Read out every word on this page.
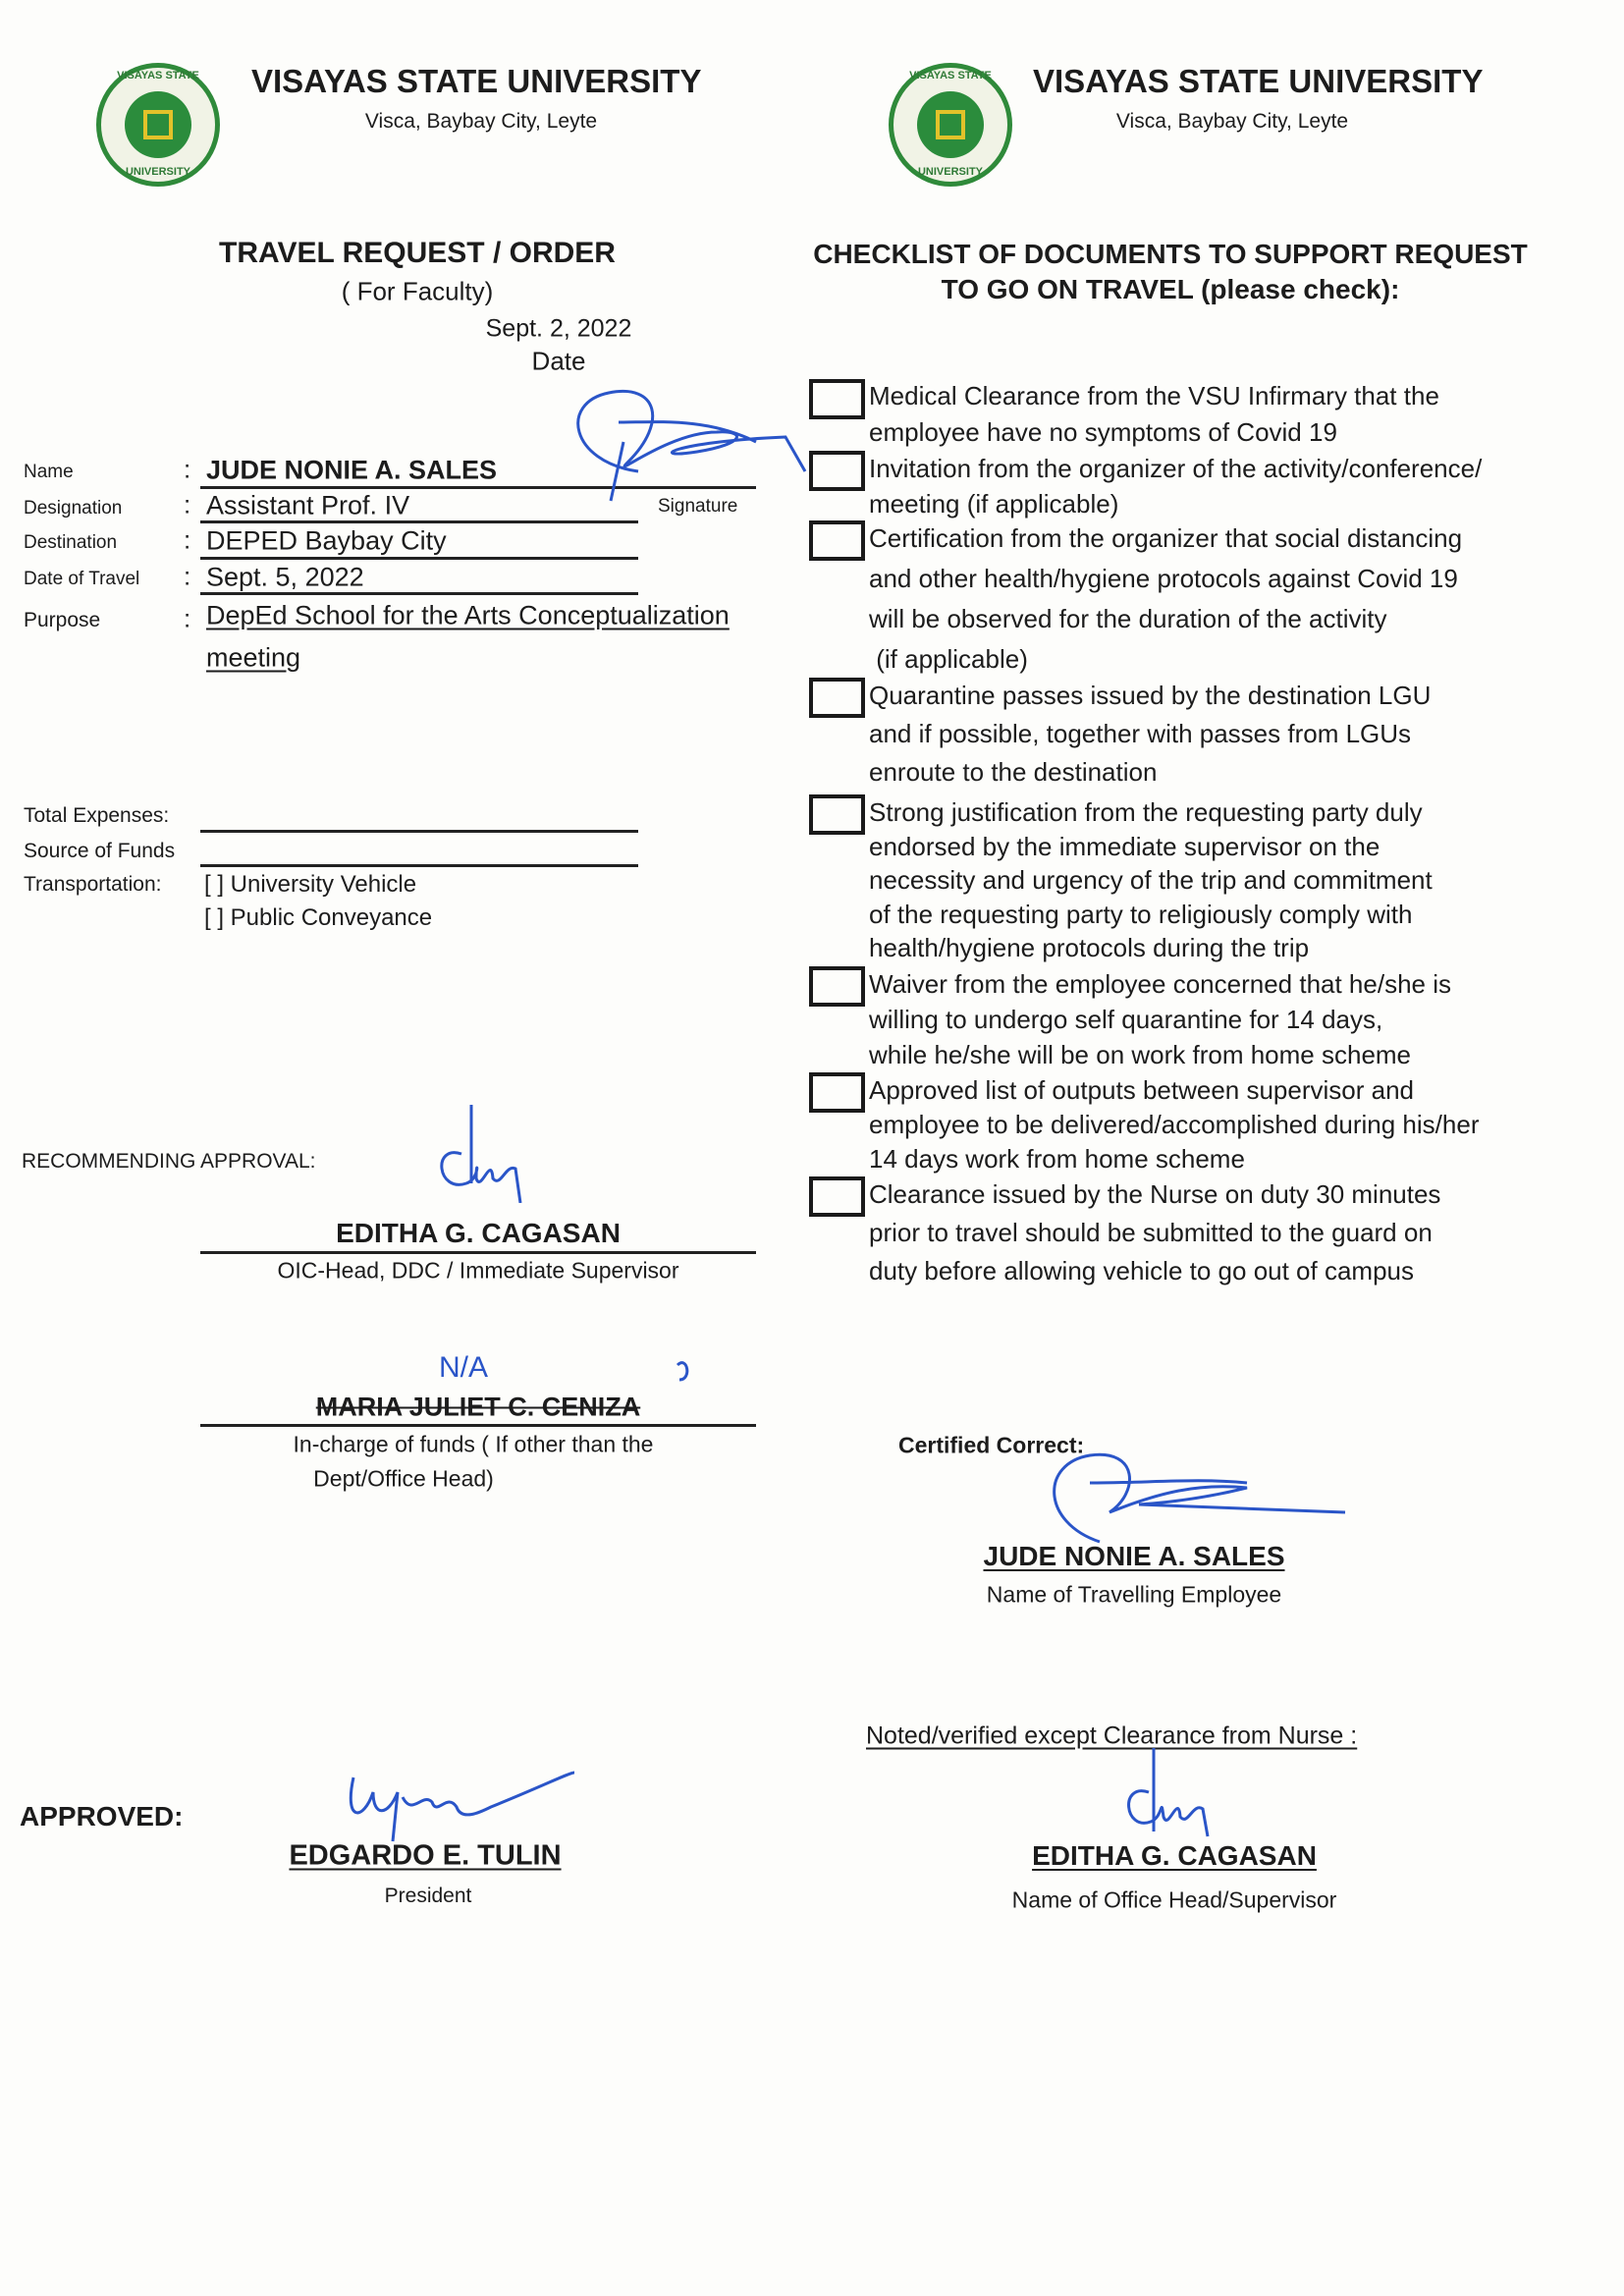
VISAYAS STATE
UNIVERSITY
VISAYAS STATE UNIVERSITY
Visca, Baybay City, Leyte
VISAYAS STATE
UNIVERSITY
VISAYAS STATE UNIVERSITY
Visca, Baybay City, Leyte
TRAVEL REQUEST / ORDER
( For Faculty)
Sept. 2, 2022
Date
Name	: JUDE NONIE A. SALES
Signature
Designation : Assistant Prof. IV
Destination	: DEPED Baybay City
Date of Travel : Sept. 5, 2022
Purpose	: DepEd School for the Arts Conceptualization
meeting
Total Expenses:
Source of Funds
Transportation: [ ] University Vehicle
[ ] Public Conveyance
RECOMMENDING APPROVAL:
EDITHA G. CAGASAN
OIC-Head, DDC / Immediate Supervisor
N/A
MARIA JULIET C. CENIZA
In-charge of funds ( If other than the
Dept/Office Head)
APPROVED:
EDGARDO E. TULIN
President
CHECKLIST OF DOCUMENTS TO SUPPORT REQUEST
TO GO ON TRAVEL (please check):
Medical Clearance from the VSU Infirmary that the
employee have no symptoms of Covid 19
Invitation from the organizer of the activity/conference/
meeting (if applicable)
Certification from the organizer that social distancing
and other health/hygiene protocols against Covid 19
will be observed for the duration of the activity
(if applicable)
Quarantine passes issued by the destination LGU
and if possible, together with passes from LGUs
enroute to the destination
Strong justification from the requesting party duly
endorsed by the immediate supervisor on the
necessity and urgency of the trip and commitment
of the requesting party to religiously comply with
health/hygiene protocols during the trip
Waiver from the employee concerned that he/she is
willing to undergo self quarantine for 14 days,
while he/she will be on work from home scheme
Approved list of outputs between supervisor and
employee to be delivered/accomplished during his/her
14 days work from home scheme
Clearance issued by the Nurse on duty 30 minutes
prior to travel should be submitted to the guard on
duty before allowing vehicle to go out of campus
Certified Correct:
JUDE NONIE A. SALES
Name of Travelling Employee
Noted/verified except Clearance from Nurse :
EDITHA G. CAGASAN
Name of Office Head/Supervisor
